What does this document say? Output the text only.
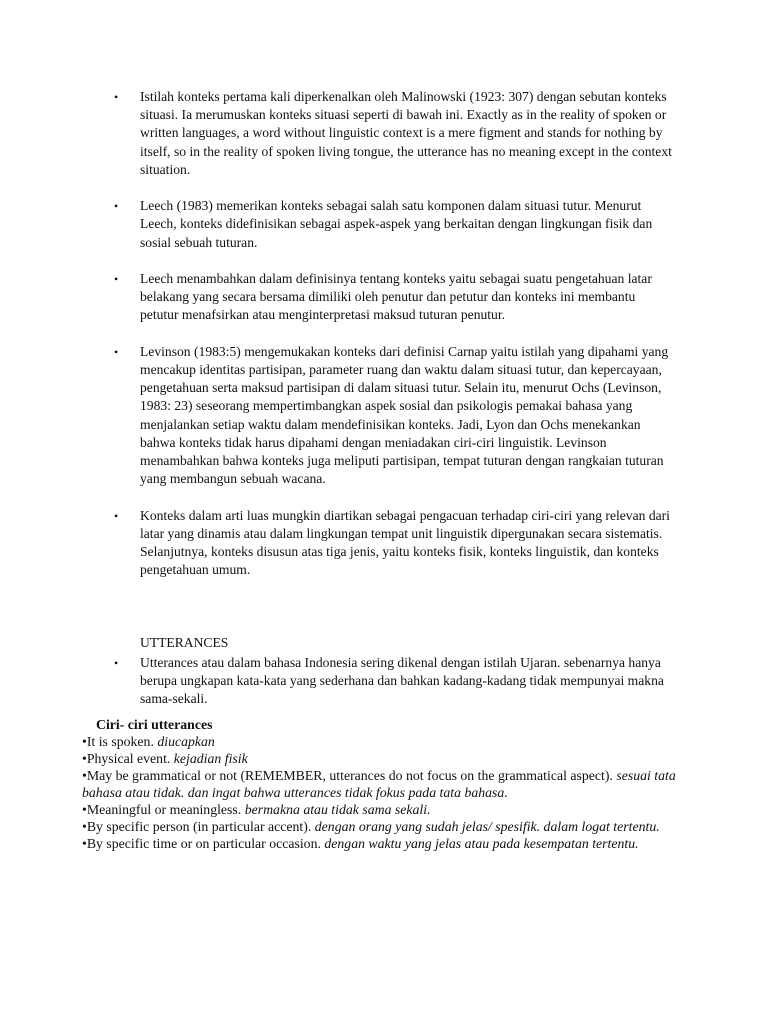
• Istilah konteks pertama kali diperkenalkan oleh Malinowski (1923: 307) dengan sebutan konteks situasi. Ia merumuskan konteks situasi seperti di bawah ini. Exactly as in the reality of spoken or written languages, a word without linguistic context is a mere figment and stands for nothing by itself, so in the reality of spoken living tongue, the utterance has no meaning except in the context situation.
• Leech (1983) memerikan konteks sebagai salah satu komponen dalam situasi tutur. Menurut Leech, konteks didefinisikan sebagai aspek-aspek yang berkaitan dengan lingkungan fisik dan sosial sebuah tuturan.
• Leech menambahkan dalam definisinya tentang konteks yaitu sebagai suatu pengetahuan latar belakang yang secara bersama dimiliki oleh penutur dan petutur dan konteks ini membantu petutur menafsirkan atau menginterpretasi maksud tuturan penutur.
• Levinson (1983:5) mengemukakan konteks dari definisi Carnap yaitu istilah yang dipahami yang mencakup identitas partisipan, parameter ruang dan waktu dalam situasi tutur, dan kepercayaan, pengetahuan serta maksud partisipan di dalam situasi tutur. Selain itu, menurut Ochs (Levinson, 1983: 23) seseorang mempertimbangkan aspek sosial dan psikologis pemakai bahasa yang menjalankan setiap waktu dalam mendefinisikan konteks. Jadi, Lyon dan Ochs menekankan bahwa konteks tidak harus dipahami dengan meniadakan ciri-ciri linguistik. Levinson menambahkan bahwa konteks juga meliputi partisipan, tempat tuturan dengan rangkaian tuturan yang membangun sebuah wacana.
• Konteks dalam arti luas mungkin diartikan sebagai pengacuan terhadap ciri-ciri yang relevan dari latar yang dinamis atau dalam lingkungan tempat unit linguistik dipergunakan secara sistematis. Selanjutnya, konteks disusun atas tiga jenis, yaitu konteks fisik, konteks linguistik, dan konteks pengetahuan umum.
UTTERANCES
• Utterances atau dalam bahasa Indonesia sering dikenal dengan istilah Ujaran. sebenarnya hanya berupa ungkapan kata-kata yang sederhana dan bahkan kadang-kadang tidak mempunyai makna sama-sekali.
Ciri- ciri utterances

•It is spoken. diucapkan

•Physical event. kejadian fisik

•May be grammatical or not (REMEMBER, utterances do not focus on the grammatical aspect). sesuai tata bahasa atau tidak. dan ingat bahwa utterances tidak fokus pada tata bahasa.

•Meaningful or meaningless. bermakna atau tidak sama sekali.

•By specific person (in particular accent). dengan orang yang sudah jelas/ spesifik. dalam logat tertentu.

•By specific time or on particular occasion. dengan waktu yang jelas atau pada kesempatan tertentu.
